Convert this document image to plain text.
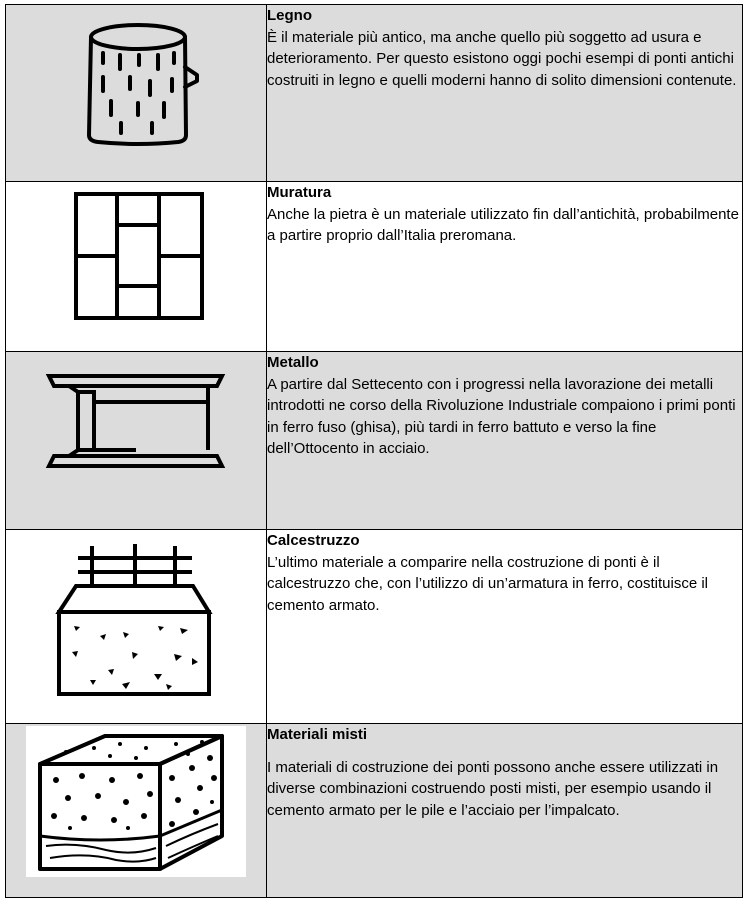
Legno

È il materiale più antico, ma anche quello più soggetto ad usura e deterioramento. Per questo esistono oggi pochi esempi di ponti antichi costruiti in legno e quelli moderni hanno di solito dimensioni contenute.

Muratura

Anche la pietra è un materiale utilizzato fin dall’antichità, probabilmente a partire proprio dall’Italia preromana.

Metallo

A partire dal Settecento con i progressi nella lavorazione dei metalli introdotti ne corso della Rivoluzione Industriale compaiono i primi ponti in ferro fuso (ghisa), più tardi in ferro battuto e verso la fine dell’Ottocento in acciaio.

Calcestruzzo

L’ultimo materiale a comparire nella costruzione di ponti è il calcestruzzo che, con l’utilizzo di un’armatura in ferro, costituisce il cemento armato.

Materiali misti

I materiali di costruzione dei ponti possono anche essere utilizzati in diverse combinazioni costruendo posti misti, per esempio usando il cemento armato per le pile e l’acciaio per l’impalcato.
